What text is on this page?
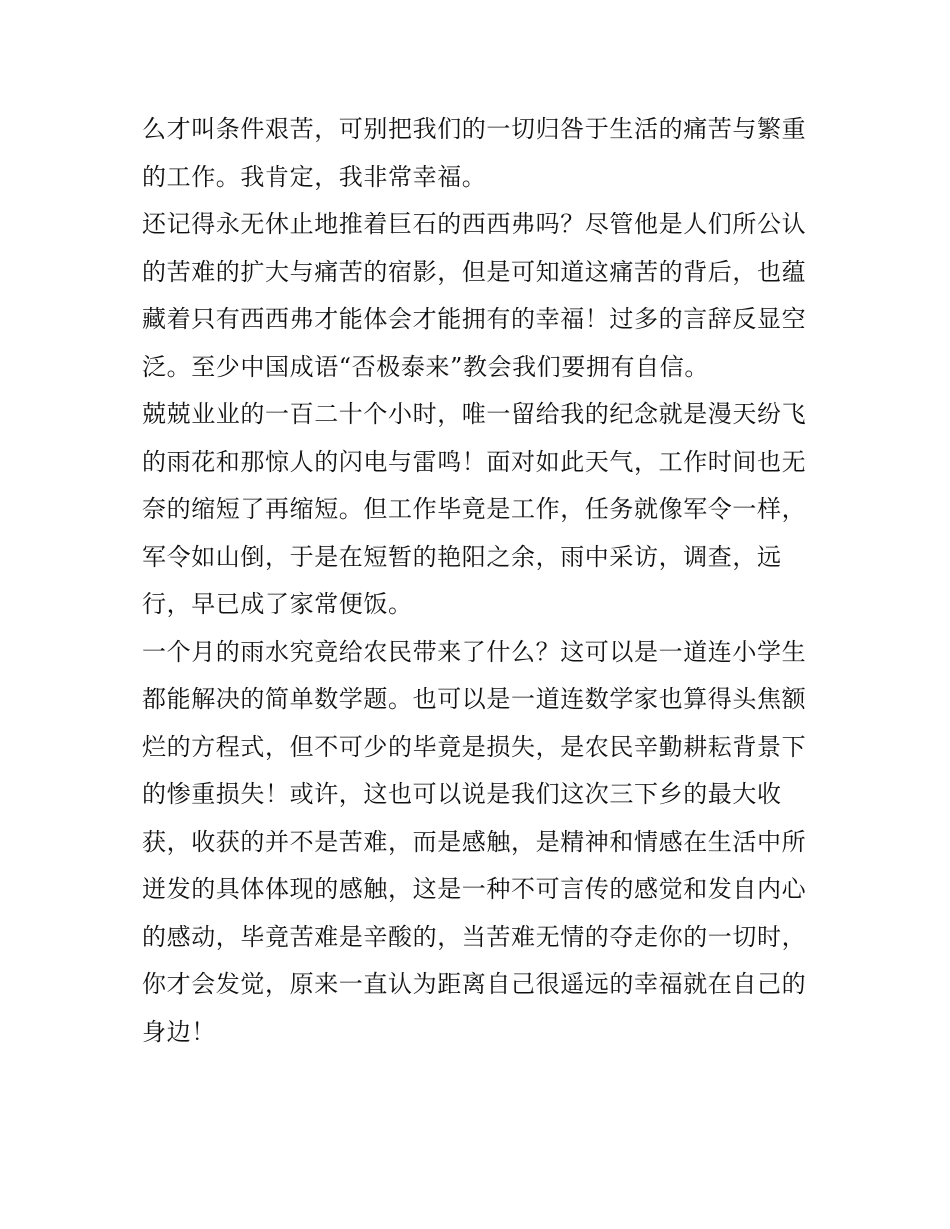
么才叫条件艰苦，可别把我们的一切归咎于生活的痛苦与繁重
的工作。我肯定，我非常幸福。
还记得永无休止地推着巨石的西西弗吗？尽管他是人们所公认
的苦难的扩大与痛苦的宿影，但是可知道这痛苦的背后，也蕴
藏着只有西西弗才能体会才能拥有的幸福！过多的言辞反显空
泛。至少中国成语“否极泰来”教会我们要拥有自信。
兢兢业业的一百二十个小时，唯一留给我的纪念就是漫天纷飞
的雨花和那惊人的闪电与雷鸣！面对如此天气，工作时间也无
奈的缩短了再缩短。但工作毕竟是工作，任务就像军令一样，
军令如山倒，于是在短暂的艳阳之余，雨中采访，调查，远
行，早已成了家常便饭。
一个月的雨水究竟给农民带来了什么？这可以是一道连小学生
都能解决的简单数学题。也可以是一道连数学家也算得头焦额
烂的方程式，但不可少的毕竟是损失，是农民辛勤耕耘背景下
的惨重损失！或许，这也可以说是我们这次三下乡的最大收
获，收获的并不是苦难，而是感触，是精神和情感在生活中所
迸发的具体体现的感触，这是一种不可言传的感觉和发自内心
的感动，毕竟苦难是辛酸的，当苦难无情的夺走你的一切时，
你才会发觉，原来一直认为距离自己很遥远的幸福就在自己的
身边！
